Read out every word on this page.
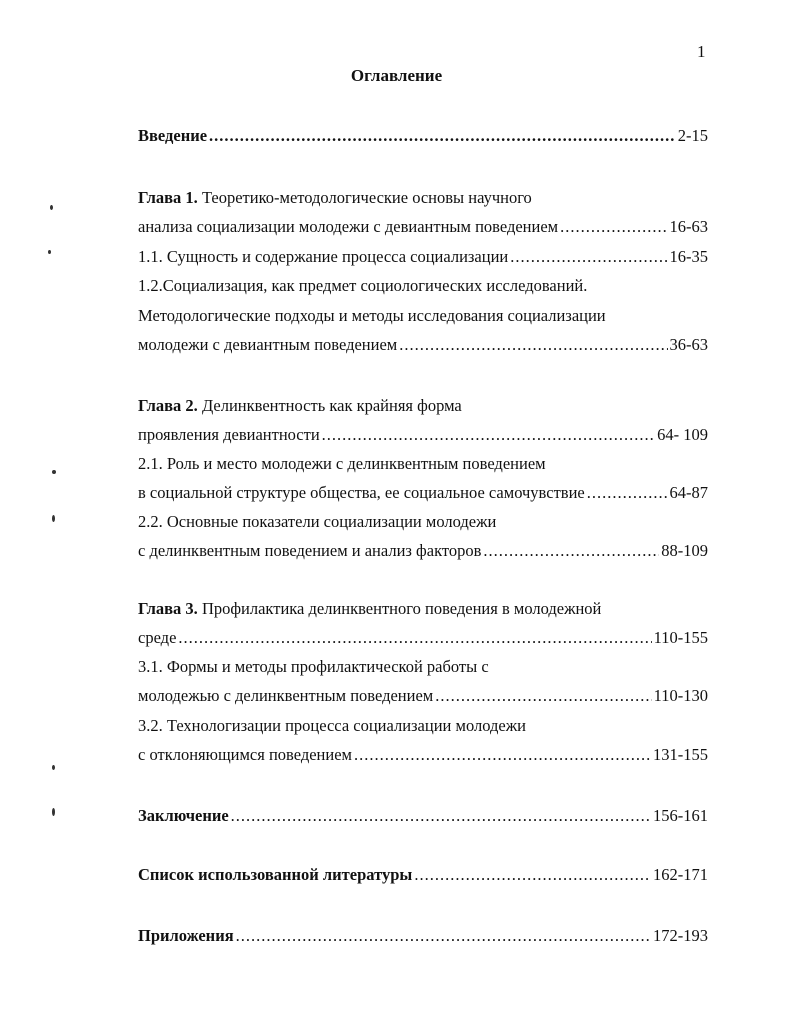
1
Оглавление
Введение .....	2-15
Глава 1. Теоретико-методологические основы научного
анализа социализации молодежи с девиантным поведением .....	16-63
1.1. Сущность и содержание процесса социализации .....	16-35
1.2.Социализация, как предмет социологических исследований.
Методологические подходы и методы исследования социализации
молодежи с девиантным поведением .....	36-63
Глава 2. Делинквентность как крайняя форма
проявления девиантности .....	64- 109
2.1. Роль и место молодежи с делинквентным поведением
в социальной структуре общества, ее социальное самочувствие .....	64-87
2.2. Основные показатели социализации молодежи
с делинквентным поведением и анализ факторов .....	88-109
Глава 3. Профилактика делинквентного поведения в молодежной
среде .....	110-155
3.1. Формы и методы профилактической работы с
молодежью с делинквентным поведением .....	110-130
3.2. Технологизации процесса социализации молодежи
с отклоняющимся поведением .....	131-155
Заключение .....	156-161
Список использованной литературы .....	162-171
Приложения .....	172-193
